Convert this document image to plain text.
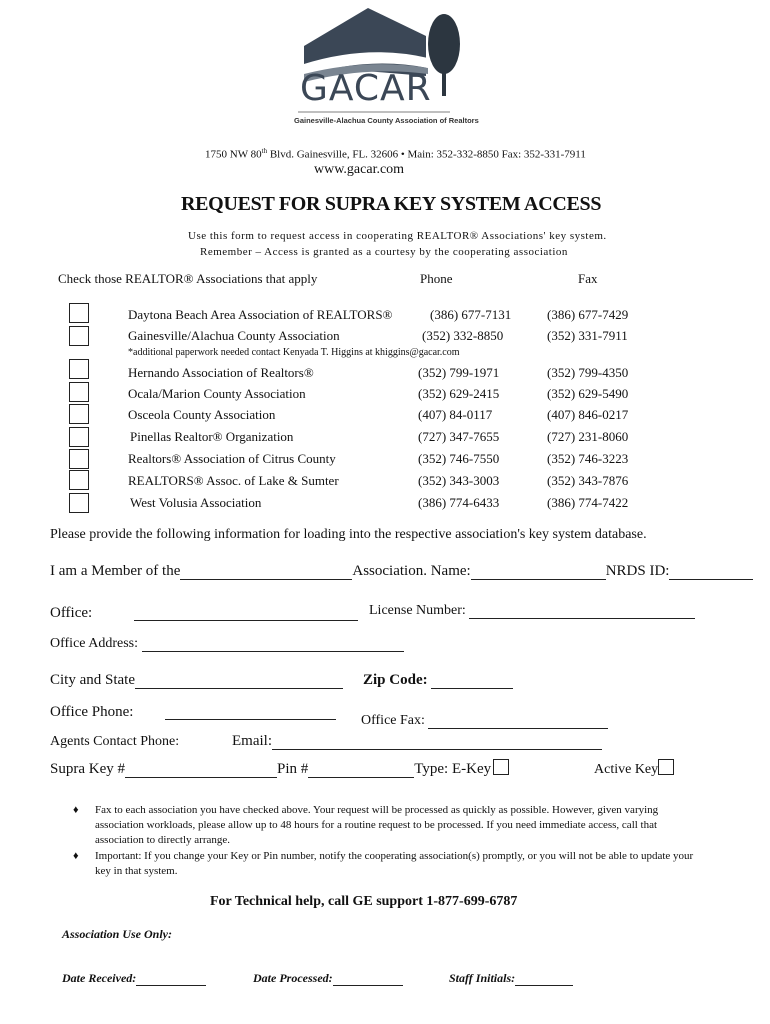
GACAR
Gainesville-Alachua County Association of Realtors
1750 NW 80th Blvd. Gainesville, FL. 32606 • Main: 352-332-8850 Fax: 352-331-7911
www.gacar.com
REQUEST FOR SUPRA KEY SYSTEM ACCESS
Use this form to request access in cooperating REALTOR® Associations' key system.
Remember – Access is granted as a courtesy by the cooperating association
Check those REALTOR® Associations that apply	Phone	Fax
Daytona Beach Area Association of REALTORS®	(386) 677-7131	(386) 677-7429
Gainesville/Alachua County Association	(352) 332-8850	(352) 331-7911
*additional paperwork needed contact Kenyada T. Higgins at khiggins@gacar.com
Hernando Association of Realtors®	(352) 799-1971	(352) 799-4350
Ocala/Marion County Association	(352) 629-2415	(352) 629-5490
Osceola County Association	(407) 84-0117	(407) 846-0217
Pinellas Realtor® Organization	(727) 347-7655	(727) 231-8060
Realtors® Association of Citrus County	(352) 746-7550	(352) 746-3223
REALTORS® Assoc. of Lake & Sumter	(352) 343-3003	(352) 343-7876
West Volusia Association	(386) 774-6433	(386) 774-7422
Please provide the following information for loading into the respective association's key system database.
I am a Member of the	Association. Name:	NRDS ID:
Office:	License Number:
Office Address:
City and State	Zip Code:
Office Phone:
Office Fax:
Agents Contact Phone:	Email:
Supra Key #	Pin #	Type: E-Key	Active Key
♦ Fax to each association you have checked above. Your request will be processed as quickly as possible. However, given varying association workloads, please allow up to 48 hours for a routine request to be processed. If you need immediate access, call that association to directly arrange.
♦ Important: If you change your Key or Pin number, notify the cooperating association(s) promptly, or you will not be able to update your key in that system.
For Technical help, call GE support 1-877-699-6787
Association Use Only:
Date Received:	Date Processed:	Staff Initials:
